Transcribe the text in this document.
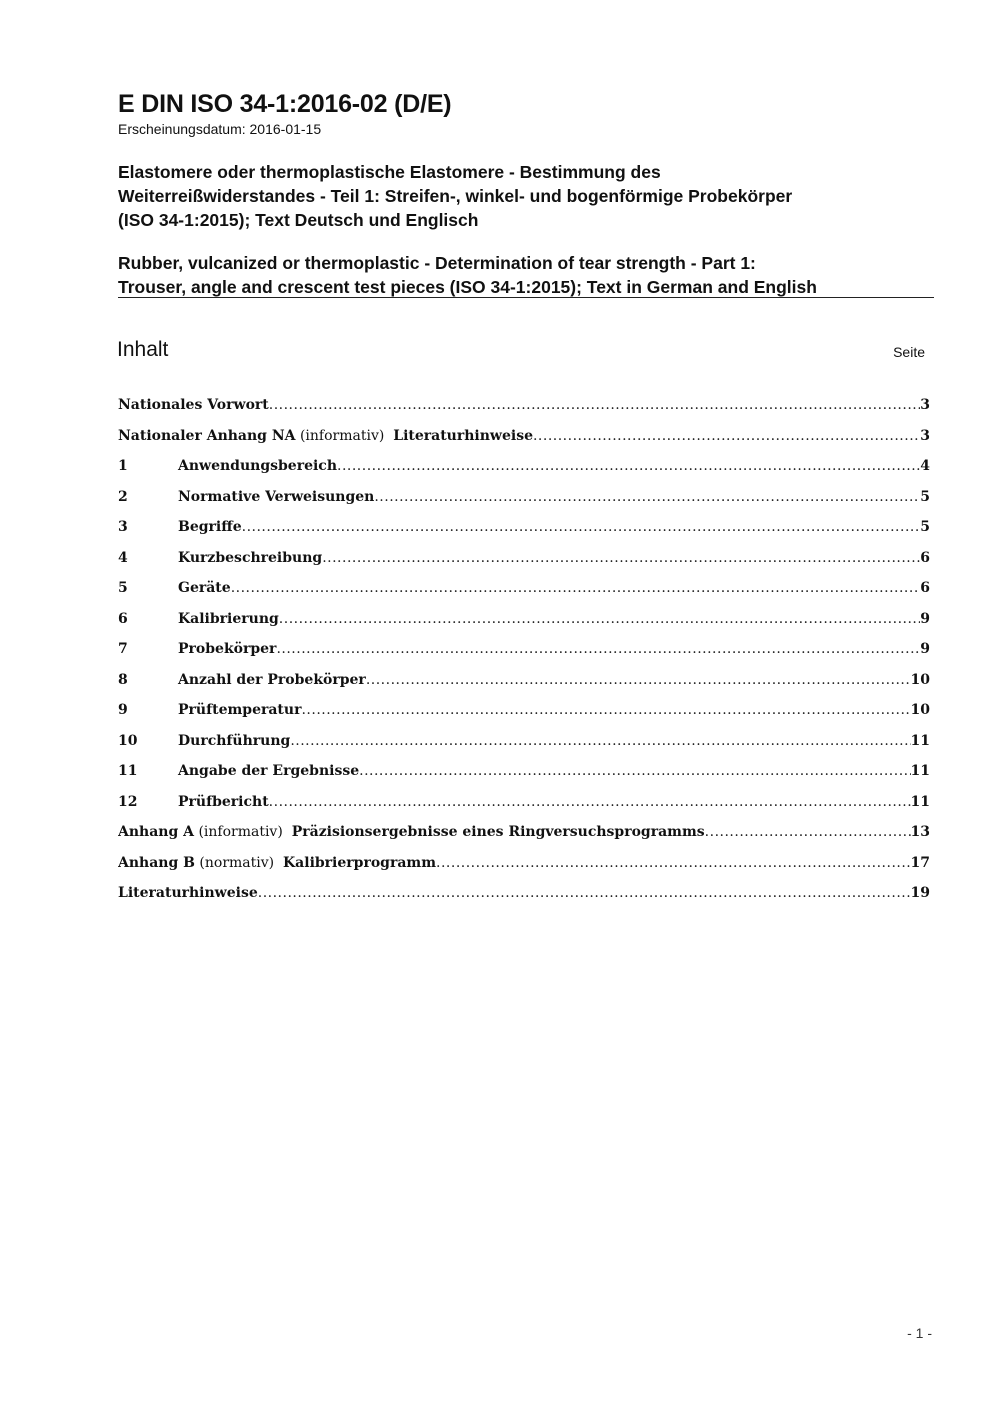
E DIN ISO 34-1:2016-02 (D/E)
Erscheinungsdatum: 2016-01-15
Elastomere oder thermoplastische Elastomere - Bestimmung des
Weiterreißwiderstandes - Teil 1: Streifen-, winkel- und bogenförmige Probekörper
(ISO 34-1:2015); Text Deutsch und Englisch
Rubber, vulcanized or thermoplastic - Determination of tear strength - Part 1:
Trouser, angle and crescent test pieces (ISO 34-1:2015); Text in German and English
Inhalt	Seite
Nationales Vorwort .....	3
Nationaler Anhang NA (informativ)  Literaturhinweise .....	3
1	Anwendungsbereich .....	4
2	Normative Verweisungen .....	5
3	Begriffe .....	5
4	Kurzbeschreibung .....	6
5	Geräte .....	6
6	Kalibrierung .....	9
7	Probekörper .....	9
8	Anzahl der Probekörper .....	10
9	Prüftemperatur .....	10
10	Durchführung .....	11
11	Angabe der Ergebnisse .....	11
12	Prüfbericht .....	11
Anhang A (informativ)  Präzisionsergebnisse eines Ringversuchsprogramms .....	13
Anhang B (normativ)  Kalibrierprogramm .....	17
Literaturhinweise .....	19
- 1 -
